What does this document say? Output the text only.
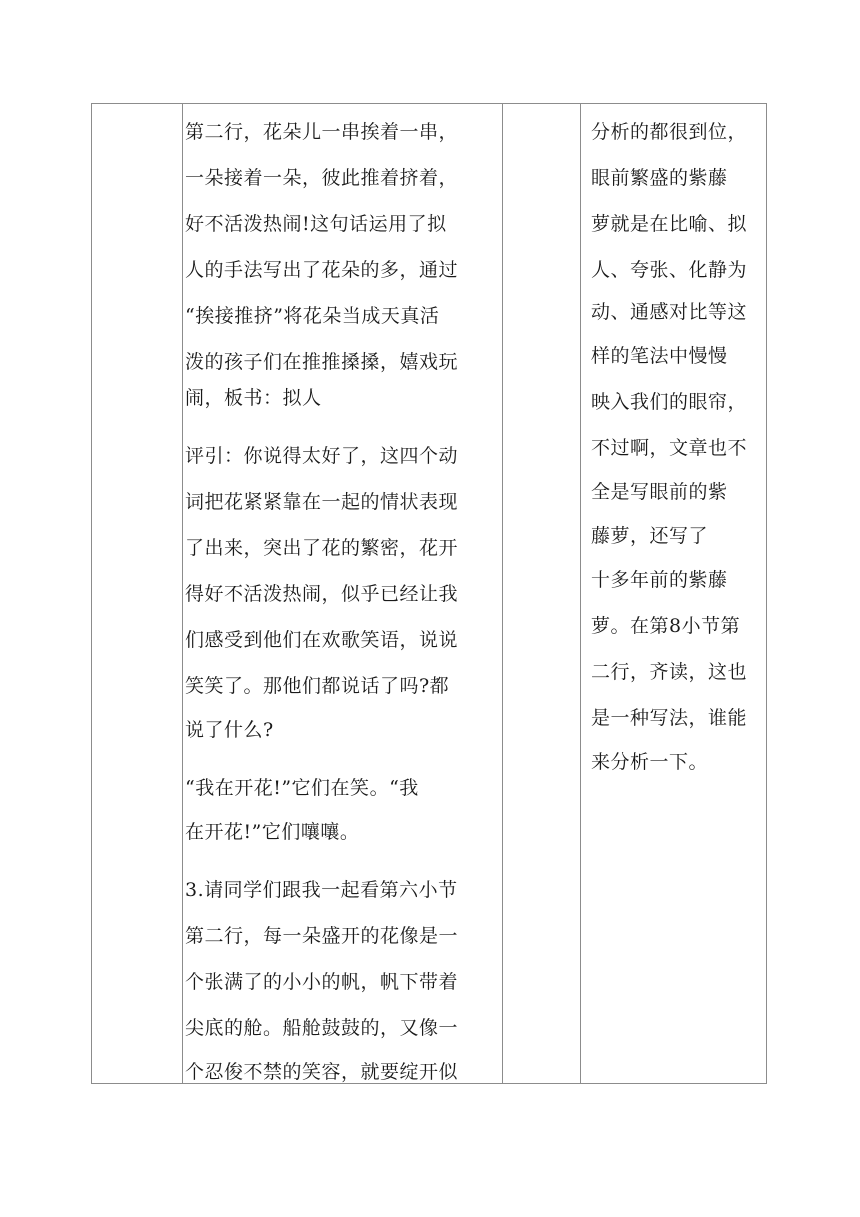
第二行，花朵儿一串挨着一串，
一朵接着一朵，彼此推着挤着，
好不活泼热闹!这句话运用了拟
人的手法写出了花朵的多，通过
“挨接推挤”将花朵当成天真活
泼的孩子们在推推搡搡，嬉戏玩
闹，板书：拟人
评引：你说得太好了，这四个动
词把花紧紧靠在一起的情状表现
了出来，突出了花的繁密，花开
得好不活泼热闹，似乎已经让我
们感受到他们在欢歌笑语，说说
笑笑了。那他们都说话了吗?都
说了什么?
“我在开花!”它们在笑。“我
在开花!”它们嚷嚷。
3.请同学们跟我一起看第六小节
第二行，每一朵盛开的花像是一
个张满了的小小的帆，帆下带着
尖底的舱。船舱鼓鼓的，又像一
个忍俊不禁的笑容，就要绽开似
分析的都很到位，
眼前繁盛的紫藤
萝就是在比喻、拟
人、夸张、化静为
动、通感对比等这
样的笔法中慢慢
映入我们的眼帘，
不过啊，文章也不
全是写眼前的紫
藤萝，还写了
十多年前的紫藤
萝。在第8小节第
二行，齐读，这也
是一种写法，谁能
来分析一下。
